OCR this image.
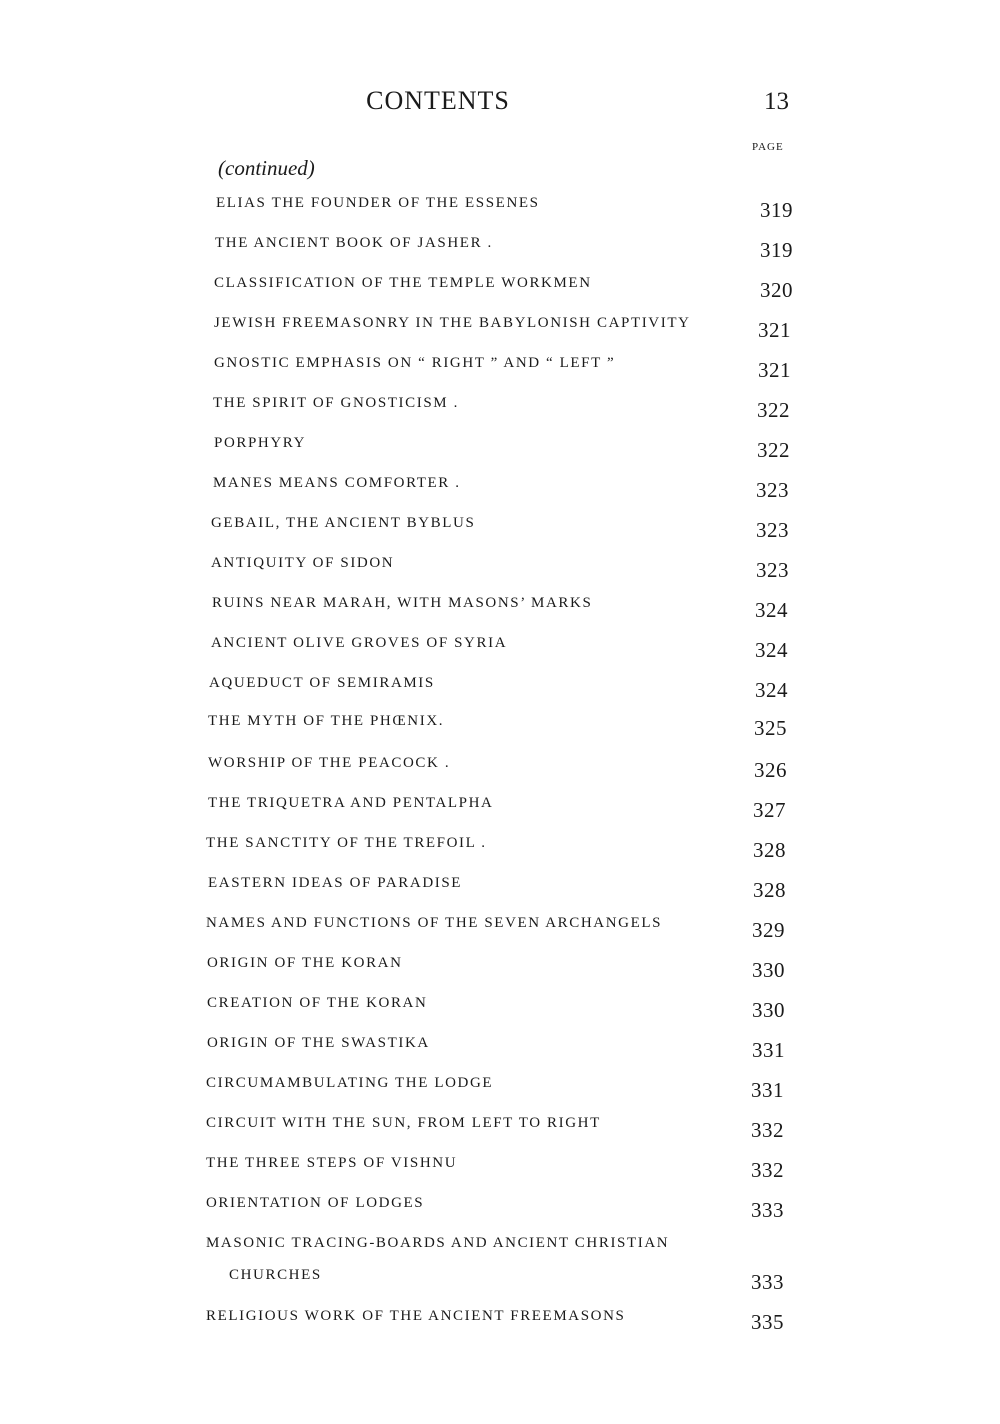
CONTENTS	13
PAGE
(continued)
ELIAS THE FOUNDER OF THE ESSENES	319
THE ANCIENT BOOK OF JASHER .	319
CLASSIFICATION OF THE TEMPLE WORKMEN	320
JEWISH FREEMASONRY IN THE BABYLONISH CAPTIVITY	321
GNOSTIC EMPHASIS ON “ RIGHT ” AND “ LEFT ”	321
THE SPIRIT OF GNOSTICISM .	322
PORPHYRY	322
MANES MEANS COMFORTER .	323
GEBAIL, THE ANCIENT BYBLUS	323
ANTIQUITY OF SIDON	323
RUINS NEAR MARAH, WITH MASONS’ MARKS	324
ANCIENT OLIVE GROVES OF SYRIA	324
AQUEDUCT OF SEMIRAMIS	324
THE MYTH OF THE PHŒNIX.	325
WORSHIP OF THE PEACOCK .	326
THE TRIQUETRA AND PENTALPHA	327
THE SANCTITY OF THE TREFOIL .	328
EASTERN IDEAS OF PARADISE	328
NAMES AND FUNCTIONS OF THE SEVEN ARCHANGELS	329
ORIGIN OF THE KORAN	330
CREATION OF THE KORAN	330
ORIGIN OF THE SWASTIKA	331
CIRCUMAMBULATING THE LODGE	331
CIRCUIT WITH THE SUN, FROM LEFT TO RIGHT	332
THE THREE STEPS OF VISHNU	332
ORIENTATION OF LODGES	333
MASONIC TRACING-BOARDS AND ANCIENT CHRISTIAN
CHURCHES	333
RELIGIOUS WORK OF THE ANCIENT FREEMASONS	335
